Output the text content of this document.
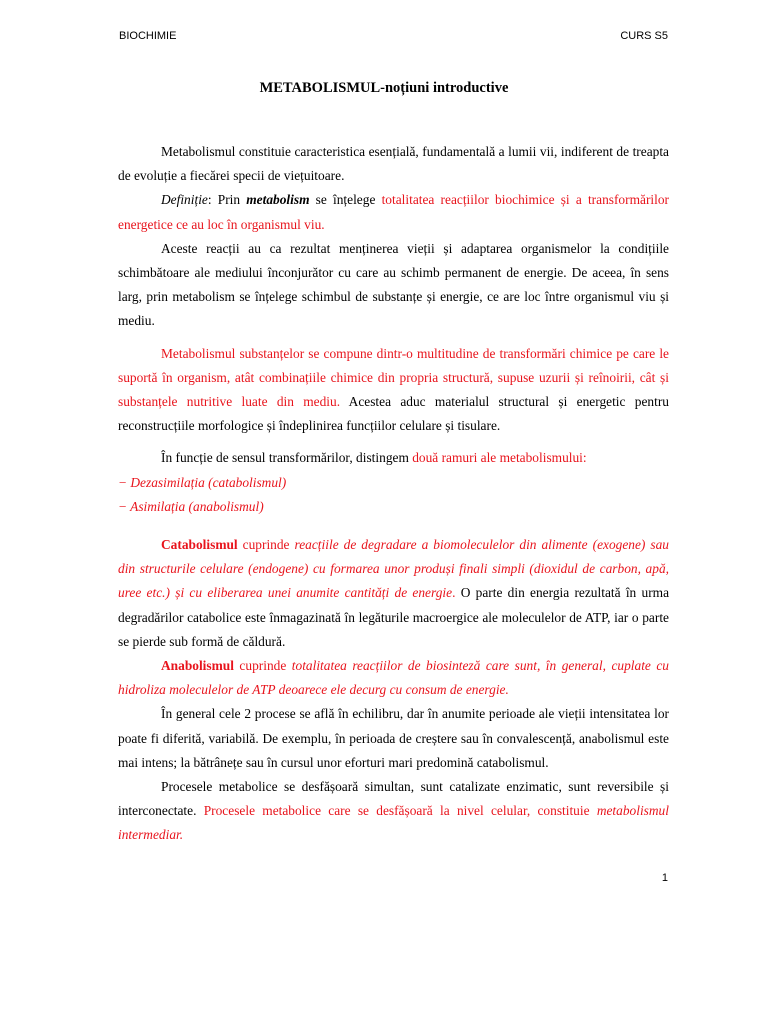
BIOCHIMIE	CURS S5
METABOLISMUL-noțiuni introductive

Metabolismul constituie caracteristica esențială, fundamentală a lumii vii, indiferent de treapta de evoluție a fiecărei specii de viețuitoare.

Definiție: Prin metabolism se înțelege totalitatea reacțiilor biochimice și a transformărilor energetice ce au loc în organismul viu.

Aceste reacții au ca rezultat menținerea vieții și adaptarea organismelor la condițiile schimbătoare ale mediului înconjurător cu care au schimb permanent de energie. De aceea, în sens larg, prin metabolism se înțelege schimbul de substanțe și energie, ce are loc între organismul viu și mediu.

Metabolismul substanțelor se compune dintr-o multitudine de transformări chimice pe care le suportă în organism, atât combinațiile chimice din propria structură, supuse uzurii și reînoirii, cât și substanțele nutritive luate din mediu. Acestea aduc materialul structural și energetic pentru reconstrucțiile morfologice și îndeplinirea funcțiilor celulare și tisulare.

În funcție de sensul transformărilor, distingem două ramuri ale metabolismului:

− Dezasimilația (catabolismul)

− Asimilația (anabolismul)

Catabolismul cuprinde reacțiile de degradare a biomoleculelor din alimente (exogene) sau din structurile celulare (endogene) cu formarea unor produși finali simpli (dioxidul de carbon, apă, uree etc.) și cu eliberarea unei anumite cantități de energie. O parte din energia rezultată în urma degradărilor catabolice este înmagazinată în legăturile macroergice ale moleculelor de ATP, iar o parte se pierde sub formă de căldură.

Anabolismul cuprinde totalitatea reacțiilor de biosinteză care sunt, în general, cuplate cu hidroliza moleculelor de ATP deoarece ele decurg cu consum de energie.

În general cele 2 procese se află în echilibru, dar în anumite perioade ale vieții intensitatea lor poate fi diferită, variabilă. De exemplu, în perioada de creștere sau în convalescență, anabolismul este mai intens; la bătrânețe sau în cursul unor eforturi mari predomină catabolismul.

Procesele metabolice se desfășoară simultan, sunt catalizate enzimatic, sunt reversibile și interconectate. Procesele metabolice care se desfășoară la nivel celular, constituie metabolismul intermediar.

1
